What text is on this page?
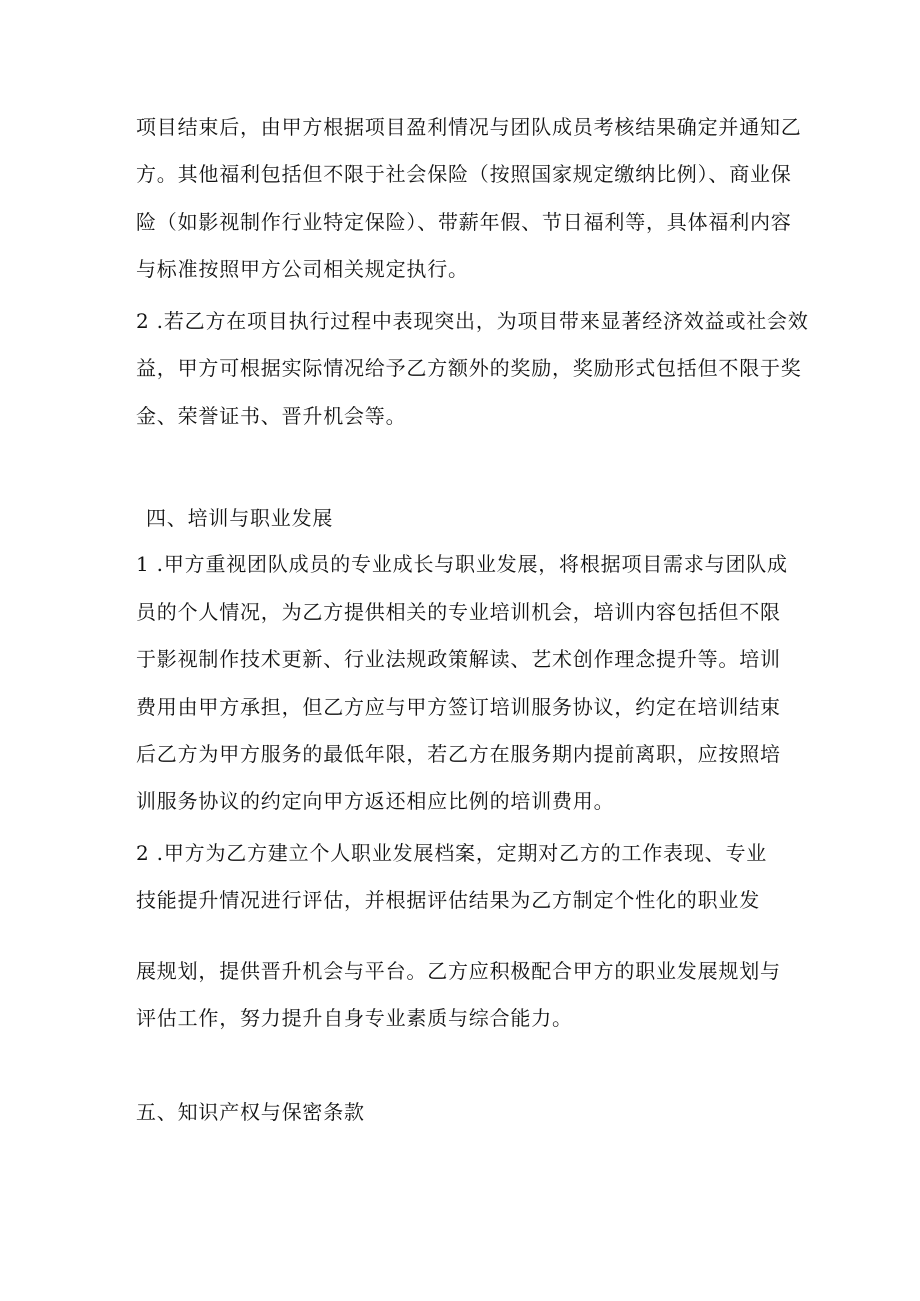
项目结束后，由甲方根据项目盈利情况与团队成员考核结果确定并通知乙
方。其他福利包括但不限于社会保险（按照国家规定缴纳比例）、商业保
险（如影视制作行业特定保险）、带薪年假、节日福利等，具体福利内容
与标准按照甲方公司相关规定执行。
2 .若乙方在项目执行过程中表现突出，为项目带来显著经济效益或社会效
益，甲方可根据实际情况给予乙方额外的奖励，奖励形式包括但不限于奖
金、荣誉证书、晋升机会等。
四、培训与职业发展
1 .甲方重视团队成员的专业成长与职业发展，将根据项目需求与团队成
员的个人情况，为乙方提供相关的专业培训机会，培训内容包括但不限
于影视制作技术更新、行业法规政策解读、艺术创作理念提升等。培训
费用由甲方承担，但乙方应与甲方签订培训服务协议，约定在培训结束
后乙方为甲方服务的最低年限，若乙方在服务期内提前离职，应按照培
训服务协议的约定向甲方返还相应比例的培训费用。
2 .甲方为乙方建立个人职业发展档案，定期对乙方的工作表现、专业
技能提升情况进行评估，并根据评估结果为乙方制定个性化的职业发
展规划，提供晋升机会与平台。乙方应积极配合甲方的职业发展规划与
评估工作，努力提升自身专业素质与综合能力。
五、知识产权与保密条款
